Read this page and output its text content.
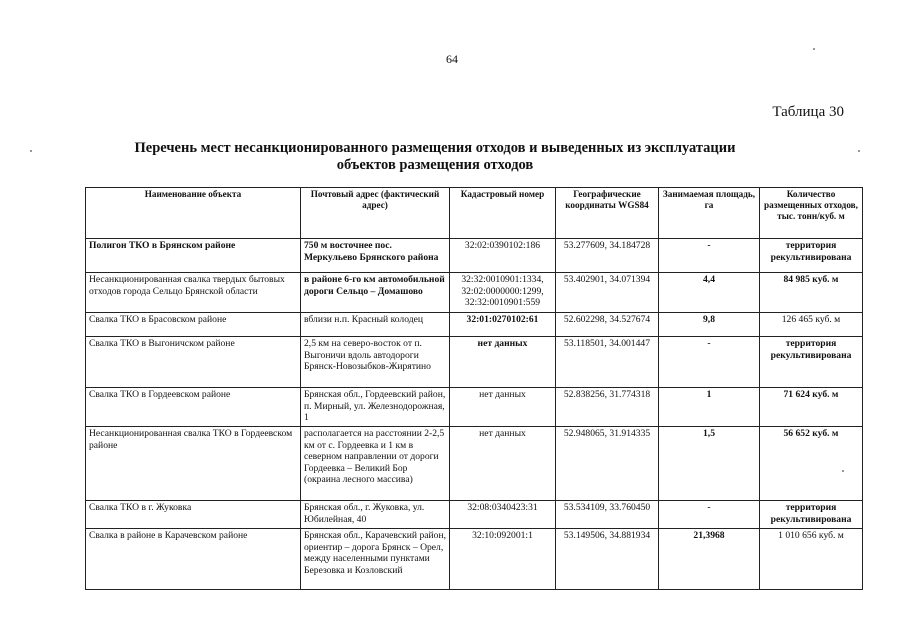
64
Таблица 30
Перечень мест несанкционированного размещения отходов и выведенных из эксплуатации
объектов размещения отходов
Наименование объекта	Почтовый адрес (фактический адрес)	Кадастровый номер	Географические координаты WGS84	Занимаемая площадь, га	Количество размещенных отходов, тыс. тонн/куб. м
Полигон ТКО в Брянском районе	750 м восточнее пос. Меркульево Брянского района	32:02:0390102:186	53.277609, 34.184728	-	территория рекультивирована
Несанкционированная свалка твердых бытовых отходов города Сельцо Брянской области	в районе 6-го км автомобильной дороги Сельцо – Домашово	32:32:0010901:1334, 32:02:0000000:1299, 32:32:0010901:559	53.402901, 34.071394	4,4	84 985 куб. м
Свалка ТКО в Брасовском районе	вблизи н.п. Красный колодец	32:01:0270102:61	52.602298, 34.527674	9,8	126 465 куб. м
Свалка ТКО в Выгоничском районе	2,5 км на северо-восток от п. Выгоничи вдоль автодороги Брянск-Новозыбков-Жирятино	нет данных	53.118501, 34.001447	-	территория рекультивирована
Свалка ТКО в Гордеевском районе	Брянская обл., Гордеевский район, п. Мирный, ул. Железнодорожная, 1	нет данных	52.838256, 31.774318	1	71 624 куб. м
Несанкционированная свалка ТКО в Гордеевском районе	располагается на расстоянии 2-2,5 км от с. Гордеевка и 1 км в северном направлении от дороги Гордеевка – Великий Бор (окраина лесного массива)	нет данных	52.948065, 31.914335	1,5	56 652 куб. м
Свалка ТКО в г. Жуковка	Брянская обл., г. Жуковка, ул. Юбилейная, 40	32:08:0340423:31	53.534109, 33.760450	-	территория рекультивирована
Свалка в районе в Карачевском районе	Брянская обл., Карачевский район, ориентир – дорога Брянск – Орел, между населенными пунктами Березовка и Козловский	32:10:092001:1	53.149506, 34.881934	21,3968	1 010 656 куб. м
